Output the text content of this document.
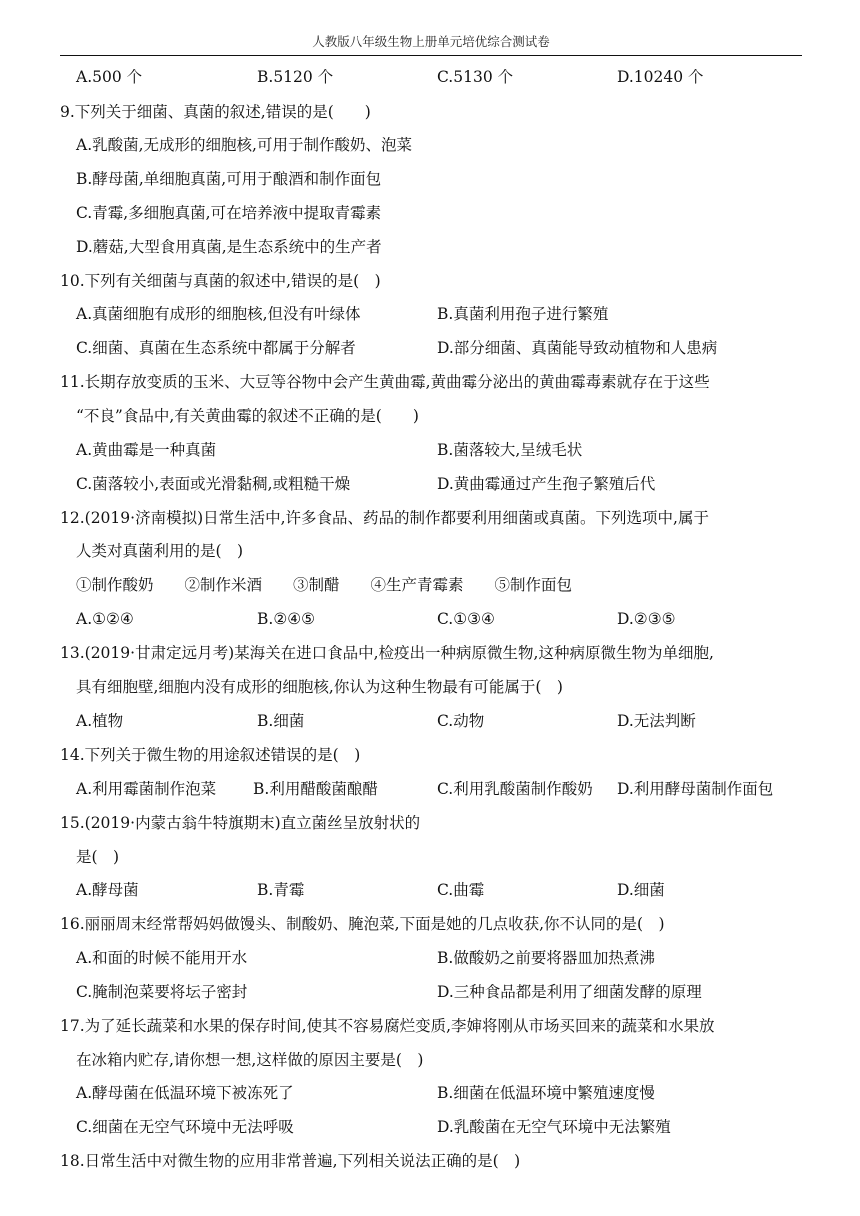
人教版八年级生物上册单元培优综合测试卷
A.500 个	B.5120 个	C.5130 个	D.10240 个
9.下列关于细菌、真菌的叙述,错误的是(　　)
A.乳酸菌,无成形的细胞核,可用于制作酸奶、泡菜
B.酵母菌,单细胞真菌,可用于酿酒和制作面包
C.青霉,多细胞真菌,可在培养液中提取青霉素
D.蘑菇,大型食用真菌,是生态系统中的生产者
10.下列有关细菌与真菌的叙述中,错误的是(　)
A.真菌细胞有成形的细胞核,但没有叶绿体	B.真菌利用孢子进行繁殖
C.细菌、真菌在生态系统中都属于分解者	D.部分细菌、真菌能导致动植物和人患病
11.长期存放变质的玉米、大豆等谷物中会产生黄曲霉,黄曲霉分泌出的黄曲霉毒素就存在于这些
“不良”食品中,有关黄曲霉的叙述不正确的是(　　)
A.黄曲霉是一种真菌	B.菌落较大,呈绒毛状
C.菌落较小,表面或光滑黏稠,或粗糙干燥	D.黄曲霉通过产生孢子繁殖后代
12.(2019·济南模拟)日常生活中,许多食品、药品的制作都要利用细菌或真菌。下列选项中,属于
人类对真菌利用的是(　)
①制作酸奶　　②制作米酒　　③制醋　　④生产青霉素　　⑤制作面包
A.①②④	B.②④⑤	C.①③④	D.②③⑤
13.(2019·甘肃定远月考)某海关在进口食品中,检疫出一种病原微生物,这种病原微生物为单细胞,
具有细胞壁,细胞内没有成形的细胞核,你认为这种生物最有可能属于(　)
A.植物	B.细菌	C.动物	D.无法判断
14.下列关于微生物的用途叙述错误的是(　)
A.利用霉菌制作泡菜 B.利用醋酸菌酿醋	C.利用乳酸菌制作酸奶 D.利用酵母菌制作面包
15.(2019·内蒙古翁牛特旗期末)直立菌丝呈放射状的
是(　)
A.酵母菌	B.青霉	C.曲霉	D.细菌
16.丽丽周末经常帮妈妈做馒头、制酸奶、腌泡菜,下面是她的几点收获,你不认同的是(　)
A.和面的时候不能用开水	B.做酸奶之前要将器皿加热煮沸
C.腌制泡菜要将坛子密封	D.三种食品都是利用了细菌发酵的原理
17.为了延长蔬菜和水果的保存时间,使其不容易腐烂变质,李婶将刚从市场买回来的蔬菜和水果放
在冰箱内贮存,请你想一想,这样做的原因主要是(　)
A.酵母菌在低温环境下被冻死了	B.细菌在低温环境中繁殖速度慢
C.细菌在无空气环境中无法呼吸	D.乳酸菌在无空气环境中无法繁殖
18.日常生活中对微生物的应用非常普遍,下列相关说法正确的是(　)
